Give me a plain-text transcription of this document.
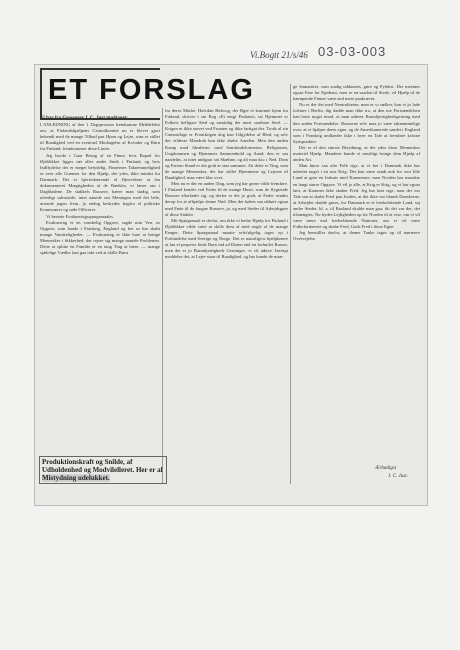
03-03-003
Vi.Bogtt 21/s/46
ET FORSLAG

Vi har fra Grossorer J. C. Just modtaget:

I ANLEDNING af den 1 Dagsprossen fremkomne Meddelelse om, at Finlandshjælpens Centralkomité nu er blevet gjort bekendt med de mange Tilbud paa Hjem og Lejre, som er stillet til Raadighed ved en eventuel Modtagelse af Kvinder og Børn fra Finland, fremkommer disse Linier.

Jeg havde i Gaar Besøg af en Finne, hvis Bopæl for Øjeblikket ligger tæt aller andet Stedt i Finland, og hvis Indflydelse der er meget betydelig. Finnernes Taknemmelighed er over alle Grænser for den Hjælp, der ydes, ikke mindst fra Danmark. Det er hjerteskærende af Øjenvidner at faa dokumenteret Mægtigheden af de Rædsler, vi læser om i Dagbladene. De stakkels Russere, hærer man stadig, som ufeedigt udrustede, intet aanede om Meningen med det hele, utrende jagen frem, ja endog beskydes bagfra af politiske Komissærer og røde Officerer.

Vi berørte Evakueringsspørgsmaalet.

Evakuering er en vanskelig Opgave, sagde min Ven, os Opgave, som baade i Frankrig, England og her os har skabt mange Vanskeligheder. — Evakuering er ikke bare at bringe Mennesker i Sikkerhed; der rejser sig mange nanede Problemer. Dette at splitte en Familie er en tung Ting at bære, — mange sjælelige Vædler kan gaa tabt ved at skille Børn

Produktionskraft og Snilde, af Udholdenhed og Modvilelleret. Her er al Mistydning udelukket.

fra deres Mødre. Halvdan Halwog, der Bger et kommet hjem fra Finland, skriver i sin Bog »Et enigt Finland«, tat Hjemmet er Folkets helligste Sted og samtidig det mest saarbare Sted. — Krigen er ikke rørvet ved Fronten og ikke fartigat der. Trods al sin Camouflage er Frontkrigen dog kun Udgydelse af Blod, og selv det vildeste Mandrab kan ikke drøbe Aanden. Men den anden Kamp mod Idealerne, mod Samfundsformerne, Religionen, Ungdommen og Hjemmets Sammenhold og Aand; den er saa naadeløs, at intet undgaar sin Skæbne, og alt maa da« i Ned. Dom og Fareno Stand er det godt at staa sammen. Alt dette er Ting, som de mange Mennesker, der har stillet Hjemmene og Lejrene til Raadighed, maa være klar over.

Men nu er der en anden Ting, som jeg har gerne vilde fremføre. I Finland kender ved Fader til de mange Hustr, som de flygtende Russere efterlader sig, og derfor er det jo godt, at Foder sendes derop for at afhjælpe denne Nød. Men der købes saa ubhørt ogsaa med Føde til de fangne Russere, ja, og med Steder til Arbejdsgøre af disse Stakler.

Mit Spørgsmaal er derfor, om ikke vi bedre Hjælp for Finland i Øjeblikket vilde være at skille dem af med nogle af de mange Fanger. Dette Spørgsmaal maatte selvfølgelig tages op i Forbindelse med Sverige og Norge. Det er naturligvis hjælpløsere at faa et properst finsk Barn ind ad Døren end en forhutlet Russer, men det er jo Barmhjertigheds Gerninger, vi vil udøve. Inveigt meddeles det, at Lejre staar til Raadighed, og har kunde de man-

ge Samaritter, som stadig uddannes, gøre og Fyldest. Der mestnes ogsaa Fare for Epidemi, men er en saadan til Stede, vil Hjælp til de kæmpende Finner være end mere paakrævet.

Nu er der det med Neutraliteten, men er vi sælker, kan vi jo lade forhøre i Berlin, dig dadde man ikke tro, at den me Fortsændelsen kan have noget imod, at man udøver Barmhjertighedsgerning med den anden Fortsændelse. Russerne selv maa jo være taknemmelige over, at vi hjalper deres egne, og de Amerikanerede sandet i England som i Frankrig undlaeder ikke i hver en Tale at fremføre kristne Synspunkter.

Det er af den største Betydning, at der ydes disse Mennesker materiel Hjælp. Mandene kunde vi unstiligt bringe dem Hjælp af anden Art.

Man hører saa ofte Folk sige, at vi her i Danmark ikke har udrettet noget i en stor Krig. Det kan være sandt nok for vort lille Land at gøre en Indsats med Kanonerne, men Norden har masakte en langt større Opgave. Vi vil jo alle, at Krig er Krig, og vi har ogsaa lært, at Kanoner ikke skaber Fred. Jeg har hørt sige, naar der var Tale om at skabe Fred paa Jorden, at det ikke var blandt Danskerne, at Arbejdet skulde gøres, for Danmark er et fredselskende Land, saj andre Steder, bl. a. til Rusland skulde man gaa; thi det var der, det tilstængtes. Nu bydes Lejligheden op for Norden til at vise, om vi vil være mere end fredselskende Nationer, om vi vil være Folkeformerere og skabe Fred, Guds Fred i disse Egne.

Jeg benstiller derfor, at denne Tanke tages op til nærmere Overvejelse.

Ærbødigst
J. C. Just.
